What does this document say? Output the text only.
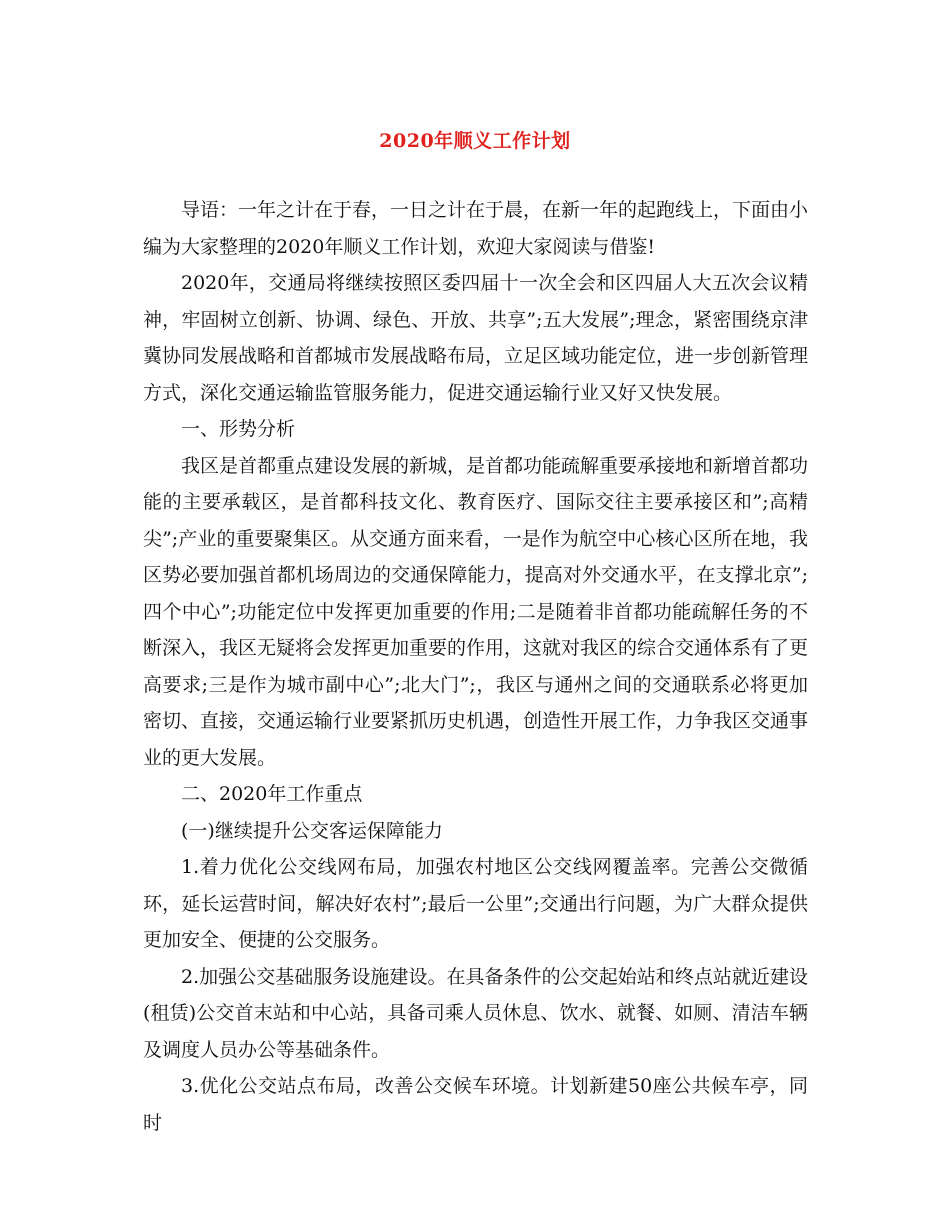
2020年顺义工作计划

导语：一年之计在于春，一日之计在于晨，在新一年的起跑线上，下面由小编为大家整理的2020年顺义工作计划，欢迎大家阅读与借鉴!

2020年，交通局将继续按照区委四届十一次全会和区四届人大五次会议精神，牢固树立创新、协调、绿色、开放、共享”;五大发展”;理念，紧密围绕京津冀协同发展战略和首都城市发展战略布局，立足区域功能定位，进一步创新管理方式，深化交通运输监管服务能力，促进交通运输行业又好又快发展。

一、形势分析

我区是首都重点建设发展的新城，是首都功能疏解重要承接地和新增首都功能的主要承载区，是首都科技文化、教育医疗、国际交往主要承接区和”;高精尖”;产业的重要聚集区。从交通方面来看，一是作为航空中心核心区所在地，我区势必要加强首都机场周边的交通保障能力，提高对外交通水平，在支撑北京”;四个中心”;功能定位中发挥更加重要的作用;二是随着非首都功能疏解任务的不断深入，我区无疑将会发挥更加重要的作用，这就对我区的综合交通体系有了更高要求;三是作为城市副中心”;北大门”;，我区与通州之间的交通联系必将更加密切、直接，交通运输行业要紧抓历史机遇，创造性开展工作，力争我区交通事业的更大发展。

二、2020年工作重点

(一)继续提升公交客运保障能力

1.着力优化公交线网布局，加强农村地区公交线网覆盖率。完善公交微循环，延长运营时间，解决好农村”;最后一公里”;交通出行问题，为广大群众提供更加安全、便捷的公交服务。

2.加强公交基础服务设施建设。在具备条件的公交起始站和终点站就近建设(租赁)公交首末站和中心站，具备司乘人员休息、饮水、就餐、如厕、清洁车辆及调度人员办公等基础条件。

3.优化公交站点布局，改善公交候车环境。计划新建50座公共候车亭，同时
